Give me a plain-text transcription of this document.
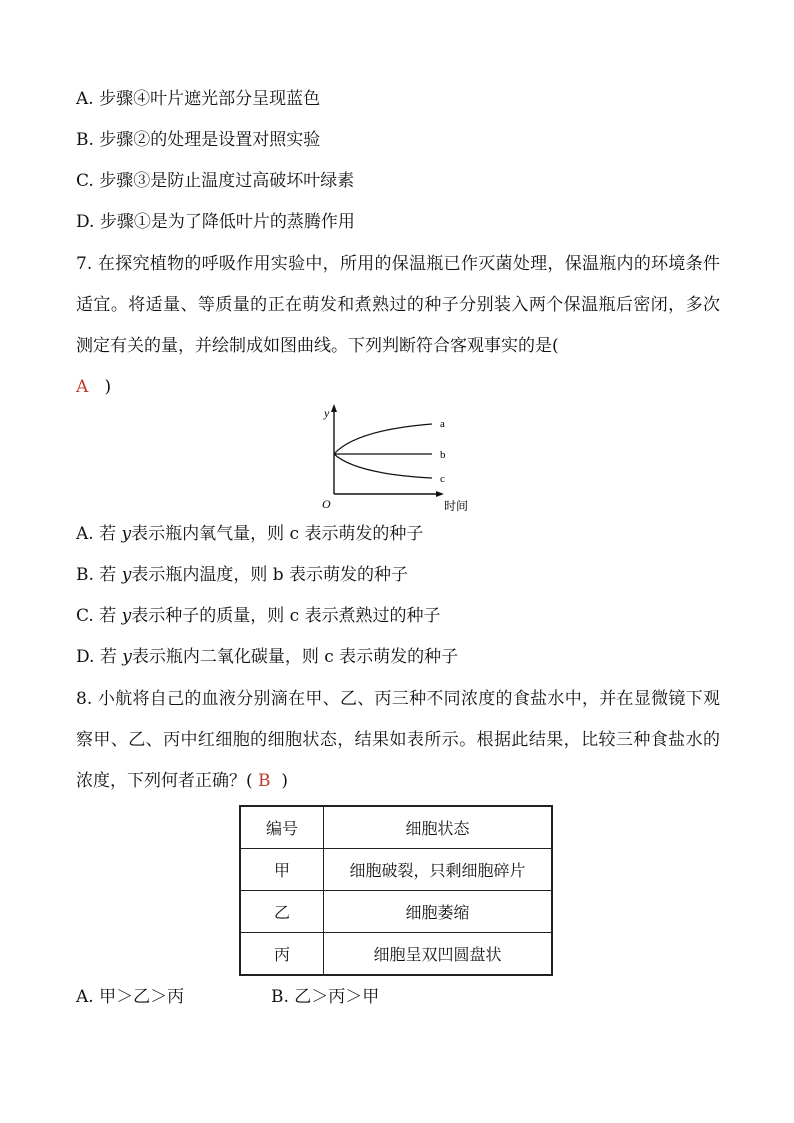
A. 步骤④叶片遮光部分呈现蓝色
B. 步骤②的处理是设置对照实验
C. 步骤③是防止温度过高破坏叶绿素
D. 步骤①是为了降低叶片的蒸腾作用
7. 在探究植物的呼吸作用实验中，所用的保温瓶已作灭菌处理，保温瓶内的环境条件适宜。将适量、等质量的正在萌发和煮熟过的种子分别装入两个保温瓶后密闭，多次测定有关的量，并绘制成如图曲线。下列判断符合客观事实的是(
A )
y
O	时间
a
b
c
A. 若 y表示瓶内氧气量，则 c 表示萌发的种子
B. 若 y表示瓶内温度，则 b 表示萌发的种子
C. 若 y表示种子的质量，则 c 表示煮熟过的种子
D. 若 y表示瓶内二氧化碳量，则 c 表示萌发的种子
8. 小航将自己的血液分别滴在甲、乙、丙三种不同浓度的食盐水中，并在显微镜下观察甲、乙、丙中红细胞的细胞状态，结果如表所示。根据此结果，比较三种食盐水的浓度，下列何者正确？( B )
编号	细胞状态
甲	细胞破裂，只剩细胞碎片
乙	细胞萎缩
丙	细胞呈双凹圆盘状
A. 甲＞乙＞丙	B. 乙＞丙＞甲
